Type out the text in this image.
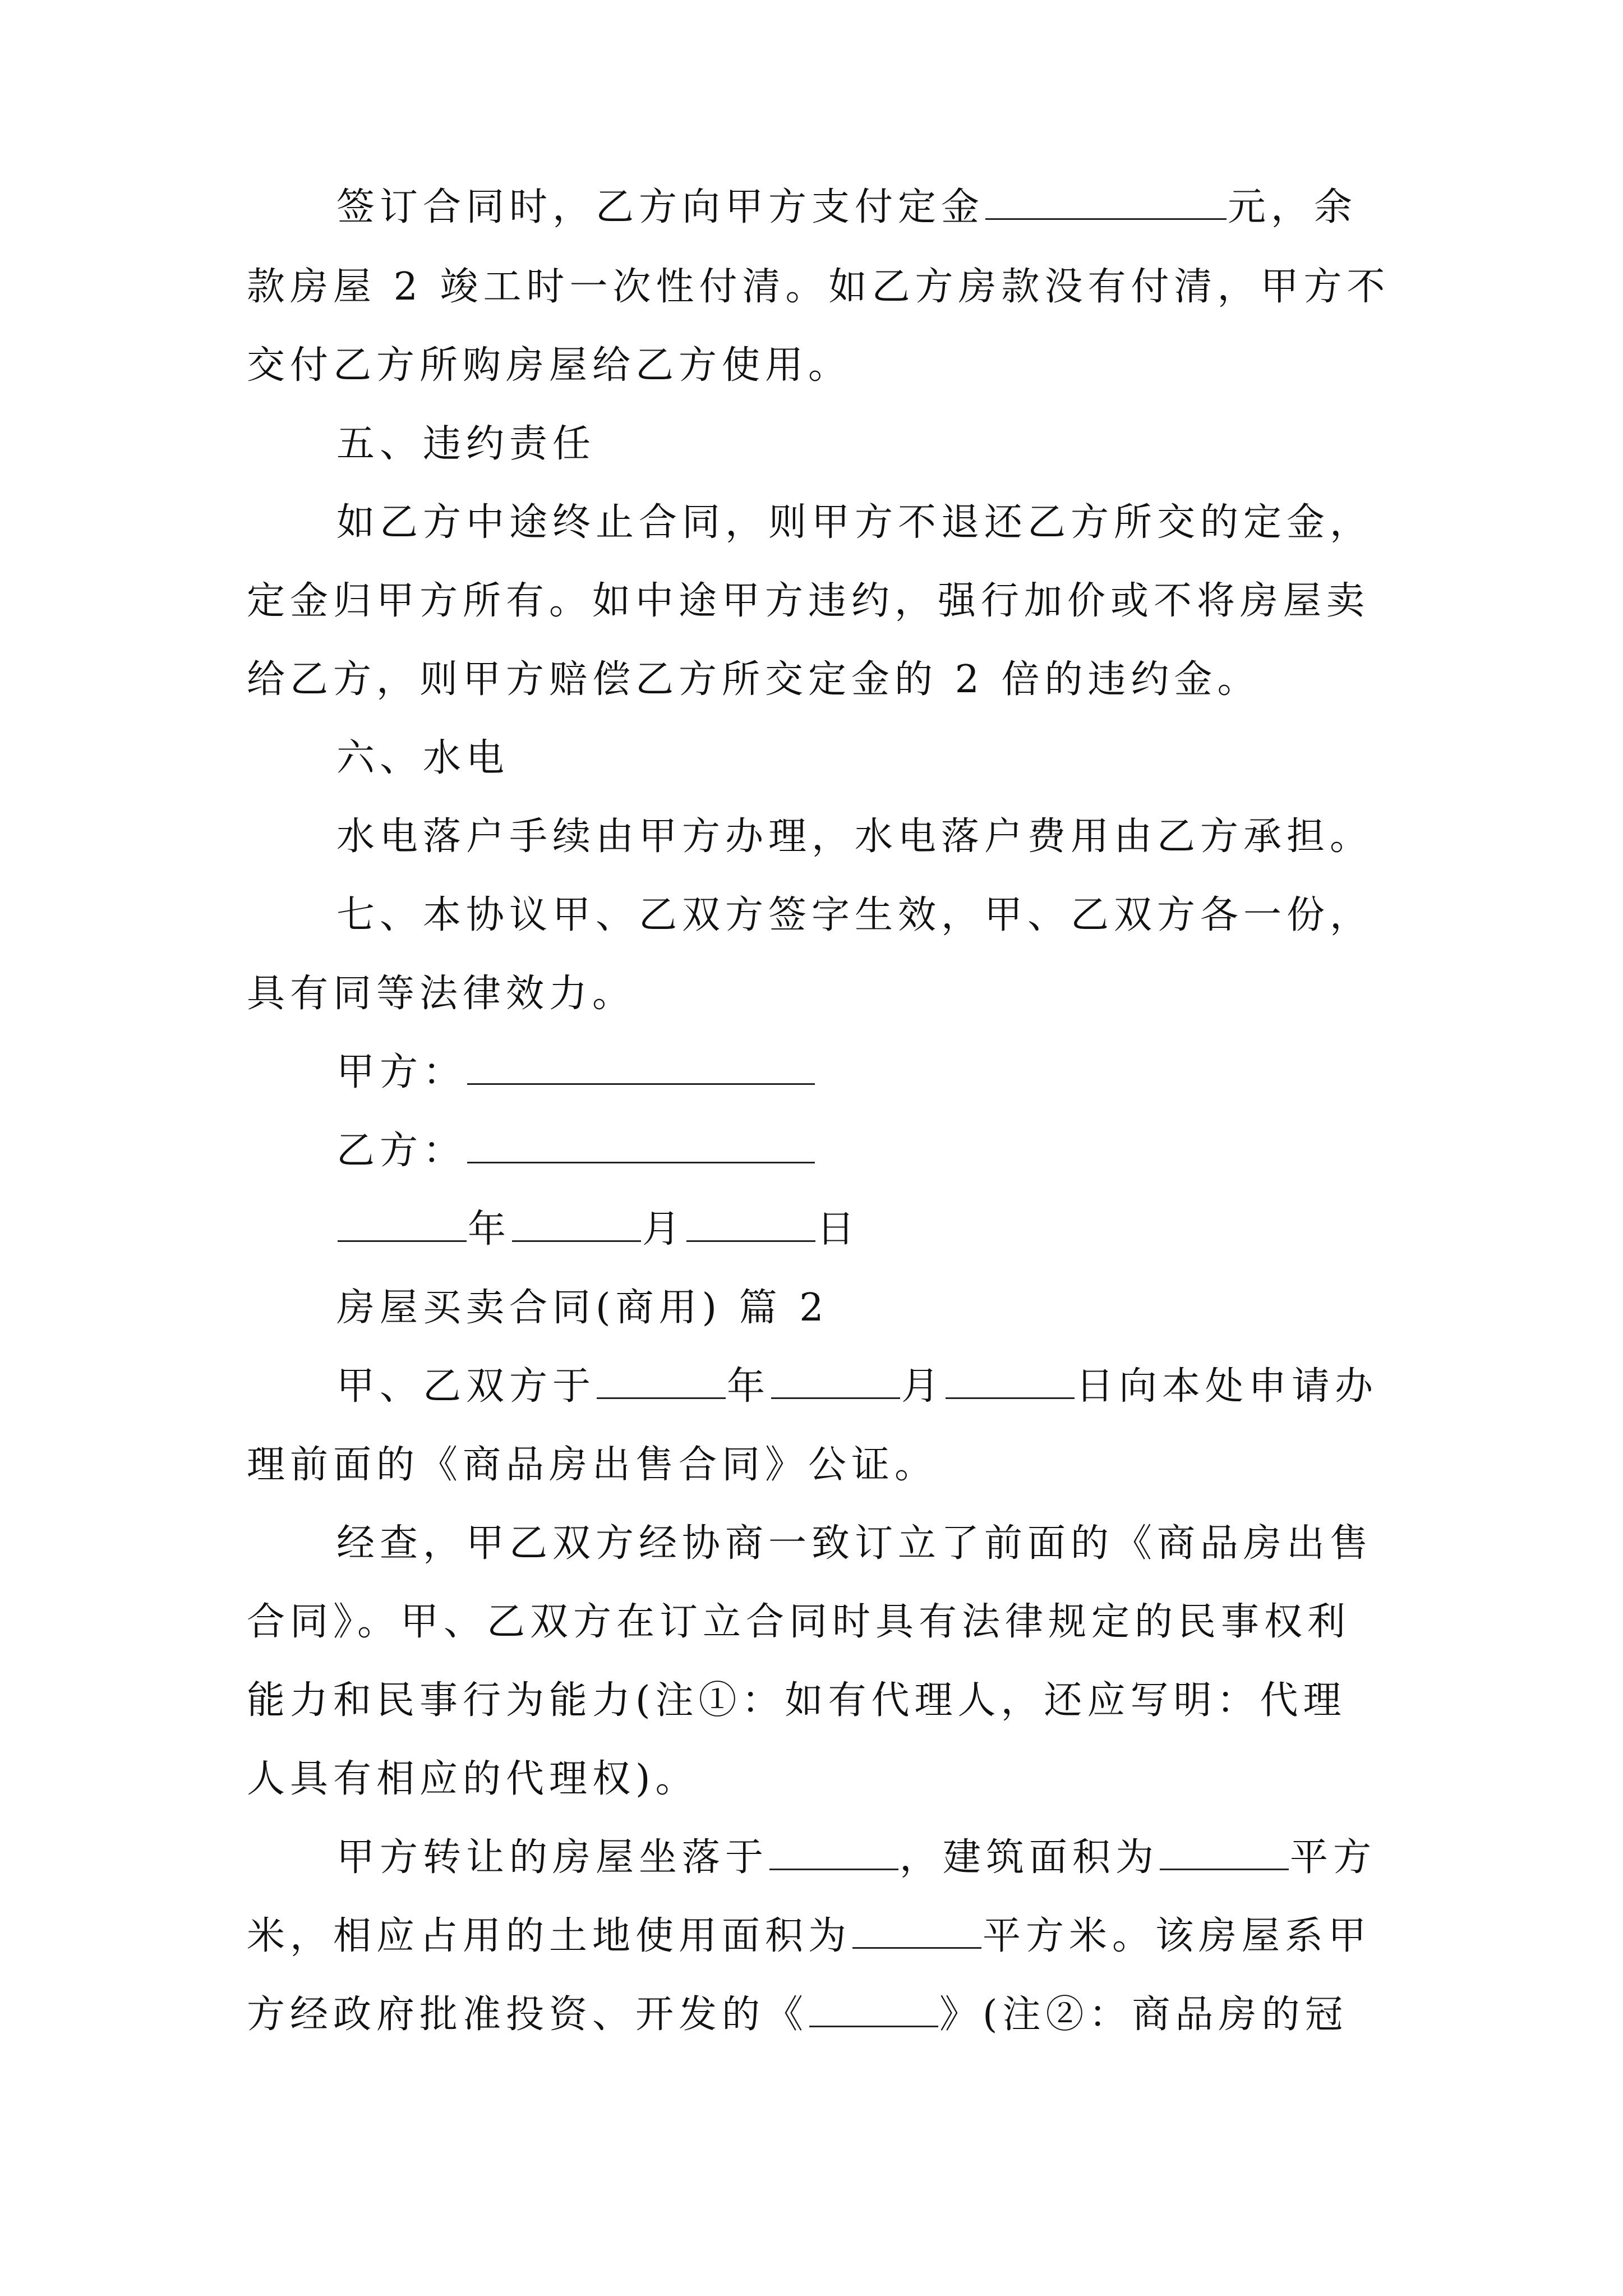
签订合同时，乙方向甲方支付定金	元，余
款房屋 2 竣工时一次性付清。如乙方房款没有付清，甲方不
交付乙方所购房屋给乙方使用。
五、违约责任
如乙方中途终止合同，则甲方不退还乙方所交的定金，
定金归甲方所有。如中途甲方违约，强行加价或不将房屋卖
给乙方，则甲方赔偿乙方所交定金的 2 倍的违约金。
六、水电
水电落户手续由甲方办理，水电落户费用由乙方承担。
七、本协议甲、乙双方签字生效，甲、乙双方各一份，
具有同等法律效力。
甲方：
乙方：
年	月	日
房屋买卖合同(商用) 篇 2
甲、乙双方于	年	月	日向本处申请办
理前面的《商品房出售合同》公证。
经查，甲乙双方经协商一致订立了前面的《商品房出售
合同》。甲、乙双方在订立合同时具有法律规定的民事权利
能力和民事行为能力(注①：如有代理人，还应写明：代理
人具有相应的代理权)。
甲方转让的房屋坐落于	，建筑面积为	平方
米，相应占用的土地使用面积为	平方米。该房屋系甲
方经政府批准投资、开发的《	》(注②：商品房的冠
